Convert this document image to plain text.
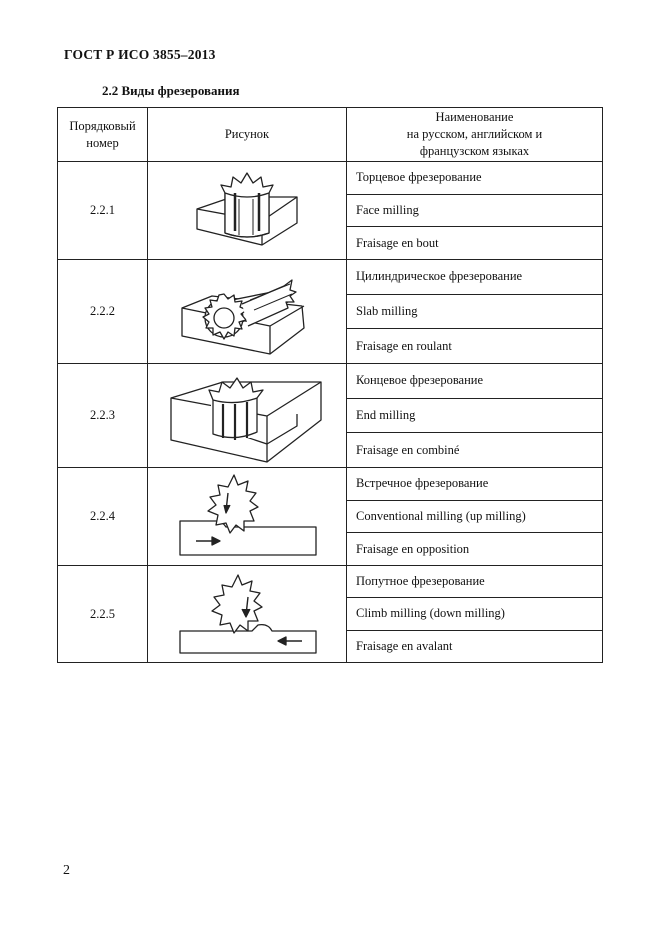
ГОСТ Р ИСО 3855–2013
2.2 Виды фрезерования
Порядковый
номер
Рисунок
Наименование
на русском, английском и
французском языках
2.2.1
Торцевое фрезерование
Face milling
Fraisage en bout
2.2.2
Цилиндрическое фрезерование
Slab milling
Fraisage en roulant
2.2.3
Концевое фрезерование
End milling
Fraisage en combiné
2.2.4
Встречное фрезерование
Conventional milling (up milling)
Fraisage en opposition
2.2.5
Попутное фрезерование
Climb milling (down milling)
Fraisage en avalant
2
